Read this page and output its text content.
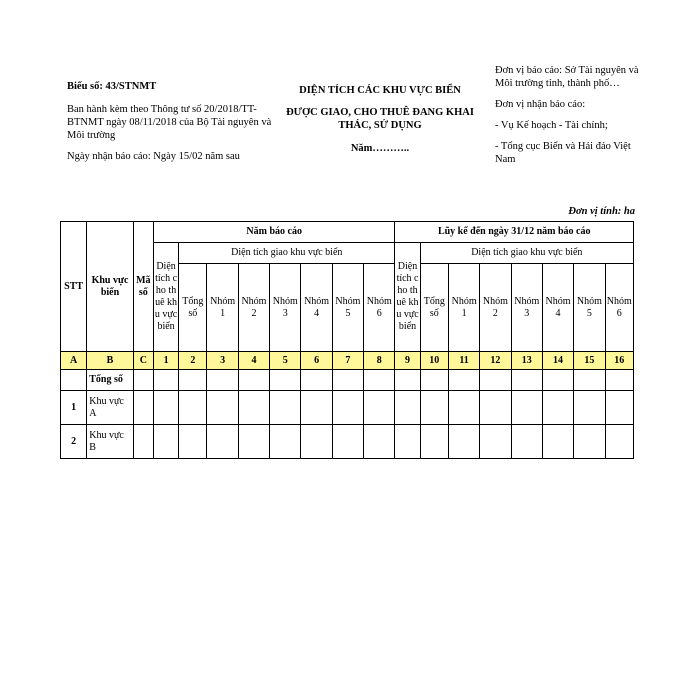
Biểu số: 43/STNMT

Ban hành kèm theo Thông tư số 20/2018/TT-BTNMT ngày 08/11/2018 của Bộ Tài nguyên và Môi trường

Ngày nhận báo cáo: Ngày 15/02 năm sau

DIỆN TÍCH CÁC KHU VỰC BIỂN
ĐƯỢC GIAO, CHO THUÊ ĐANG KHAI THÁC, SỬ DỤNG
Năm………..

Đơn vị báo cáo: Sở Tài nguyên và Môi trường tỉnh, thành phố…

Đơn vị nhận báo cáo:

- Vụ Kế hoạch - Tài chính;

- Tổng cục Biển và Hải đảo Việt Nam

Đơn vị tính: ha
STT	Khu vực biển	Mã số	Năm báo cáo								Lũy kế đến ngày 31/12 năm báo cáo							
			Diện tích cho thuê khu vực biển	Diện tích giao khu vực biển							Diện tích cho thuê khu vực biển	Diện tích giao khu vực biển						
				Tổng số	Nhóm 1	Nhóm 2	Nhóm 3	Nhóm 4	Nhóm 5	Nhóm 6		Tổng số	Nhóm 1	Nhóm 2	Nhóm 3	Nhóm 4	Nhóm 5	Nhóm 6
A	B	C	1	2	3	4	5	6	7	8	9	10	11	12	13	14	15	16
	Tổng số																	
1	Khu vực A																	
2	Khu vực B																	
